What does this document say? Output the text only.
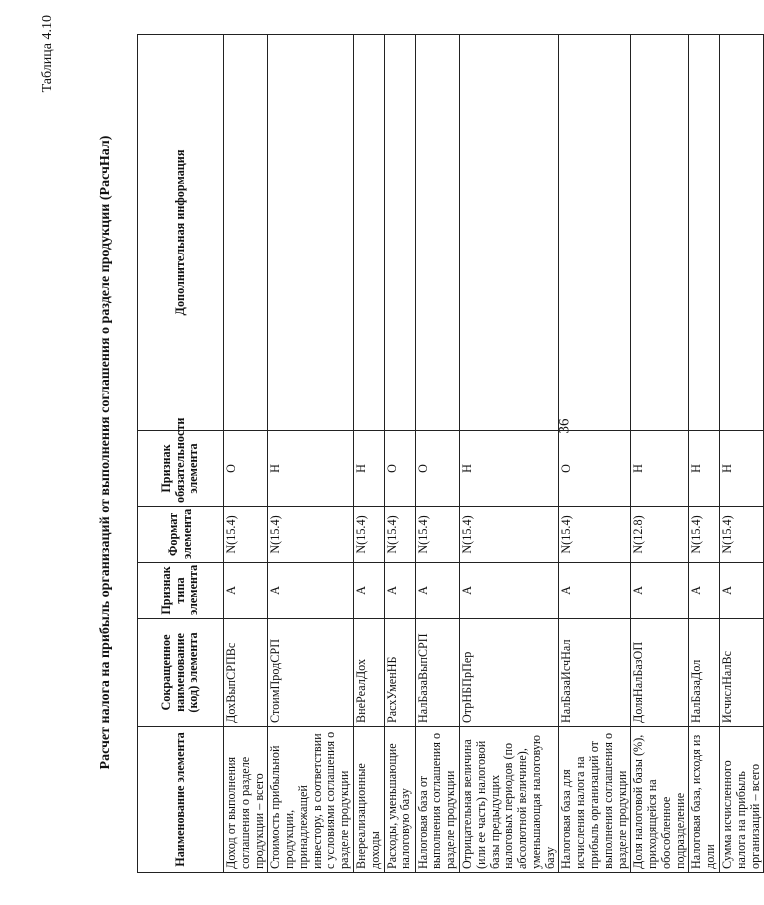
36
Таблица 4.10
Расчет налога на прибыль организаций от выполнения соглашения о разделе продукции (РасчНал)
Наименование элемента	Сокращенное наименование (код) элемента	Признак типа элемента	Формат элемента	Признак обязательности элемента	Дополнительная информация
Доход от выполнения соглашения о разделе продукции – всего	ДохВыпСРПВс	А	N(15.4)	О	
Стоимость прибыльной продукции, принадлежащей инвестору, в соответствии с условиями соглашения о разделе продукции	СтоимПродСРП	А	N(15.4)	Н	
Внереализационные доходы	ВнеРеалДох	А	N(15.4)	Н	
Расходы, уменьшающие налоговую базу	РасхУменНБ	А	N(15.4)	О	
Налоговая база от выполнения соглашения о разделе продукции	НалБазаВыпСРП	А	N(15.4)	О	
Отрицательная величина (или ее часть) налоговой базы предыдущих налоговых периодов (по абсолютной величине), уменьшающая налоговую базу	ОтрНБПрПер	А	N(15.4)	Н	
Налоговая база для исчисления налога на прибыль организаций от выполнения соглашения о разделе продукции	НалБазаИсчНал	А	N(15.4)	О	
Доля налоговой базы (%), приходящейся на обособленное подразделение	ДоляНалБазОП	А	N(12.8)	Н	
Налоговая база, исходя из доли	НалБазаДол	А	N(15.4)	Н	
Сумма исчисленного налога на прибыль организаций – всего	ИсчислНалВс	А	N(15.4)	Н	
